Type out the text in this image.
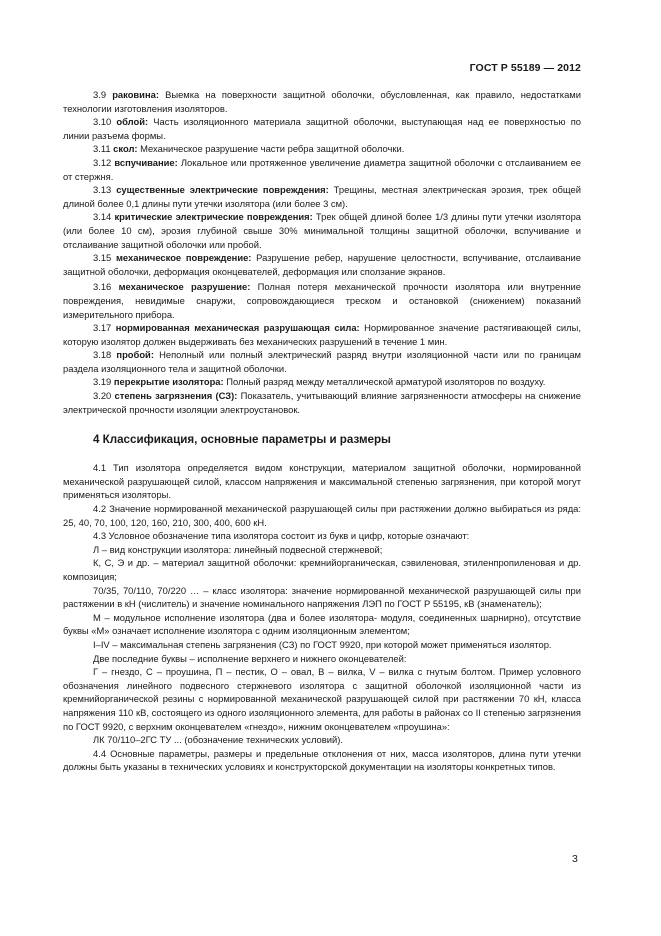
ГОСТ Р 55189 — 2012

3.9 раковина: Выемка на поверхности защитной оболочки, обусловленная, как правило, недостатками технологии изготовления изоляторов.

3.10 облой: Часть изоляционного материала защитной оболочки, выступающая над ее поверхностью по линии разъема формы.

3.11 скол: Механическое разрушение части ребра защитной оболочки.

3.12 вспучивание: Локальное или протяженное увеличение диаметра защитной оболочки с отслаиванием ее от стержня.

3.13 существенные электрические повреждения: Трещины, местная электрическая эрозия, трек общей длиной более 0,1 длины пути утечки изолятора (или более 3 см).

3.14 критические электрические повреждения: Трек общей длиной более 1/3 длины пути утечки изолятора (или более 10 см), эрозия глубиной свыше 30% минимальной толщины защитной оболочки, вспучивание и отслаивание защитной оболочки или пробой.

3.15 механическое повреждение: Разрушение ребер, нарушение целостности, вспучивание, отслаивание защитной оболочки, деформация оконцевателей, деформация или сползание экранов.

3.16 механическое разрушение: Полная потеря механической прочности изолятора или внутренние повреждения, невидимые снаружи, сопровождающиеся треском и остановкой (снижением) показаний измерительного прибора.

3.17 нормированная механическая разрушающая сила: Нормированное значение растягивающей силы, которую изолятор должен выдерживать без механических разрушений в течение 1 мин.

3.18 пробой: Неполный или полный электрический разряд внутри изоляционной части или по границам раздела изоляционного тела и защитной оболочки.

3.19 перекрытие изолятора: Полный разряд между металлической арматурой изоляторов по воздуху.

3.20 степень загрязнения (СЗ): Показатель, учитывающий влияние загрязненности атмосферы на снижение электрической прочности изоляции электроустановок.

4 Классификация, основные параметры и размеры

4.1 Тип изолятора определяется видом конструкции, материалом защитной оболочки, нормированной механической разрушающей силой, классом напряжения и максимальной степенью загрязнения, при которой могут применяться изоляторы.

4.2 Значение нормированной механической разрушающей силы при растяжении должно выбираться из ряда: 25, 40, 70, 100, 120, 160, 210, 300, 400, 600 кН.

4.3 Условное обозначение типа изолятора состоит из букв и цифр, которые означают:

Л – вид конструкции изолятора: линейный подвесной стержневой;

К, С, Э и др. – материал защитной оболочки: кремнийорганическая, сэвиленовая, этиленпропиленовая и др. композиция;

70/35, 70/110, 70/220 … – класс изолятора: значение нормированной механической разрушающей силы при растяжении в кН (числитель) и значение номинального напряжения ЛЭП по ГОСТ Р 55195, кВ (знаменатель);

М – модульное исполнение изолятора (два и более изолятора- модуля, соединенных шарнирно), отсутствие буквы «М» означает исполнение изолятора с одним изоляционным элементом;

I–IV – максимальная степень загрязнения (СЗ) по ГОСТ 9920, при которой может применяться изолятор.

Две последние буквы – исполнение верхнего и нижнего оконцевателей:

Г – гнездо, С – проушина, П – пестик, О – овал, В – вилка, V – вилка с гнутым болтом. Пример условного обозначения линейного подвесного стержневого изолятора с защитной оболочкой изоляционной части из кремнийорганической резины с нормированной механической разрушающей силой при растяжении 70 кН, класса напряжения 110 кВ, состоящего из одного изоляционного элемента, для работы в районах со II степенью загрязнения по ГОСТ 9920, с верхним оконцевателем «гнездо», нижним оконцевателем «проушина»:

ЛК 70/110–2ГС ТУ ... (обозначение технических условий).

4.4 Основные параметры, размеры и предельные отклонения от них, масса изоляторов, длина пути утечки должны быть указаны в технических условиях и конструкторской документации на изоляторы конкретных типов.

3
